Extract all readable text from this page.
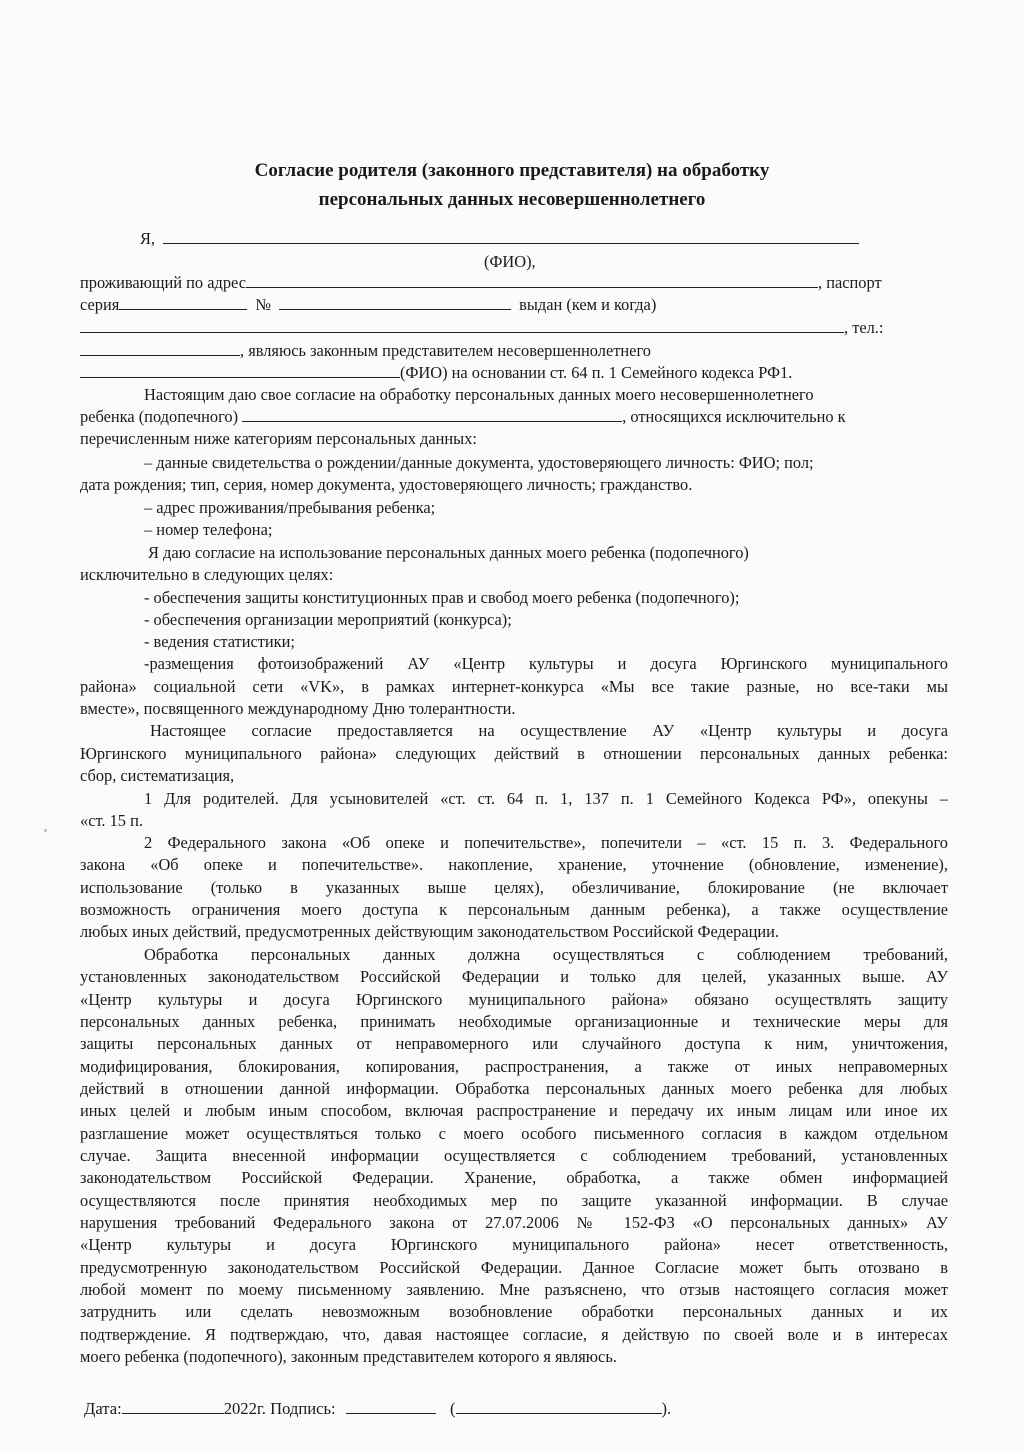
Согласие родителя (законного представителя) на обработку
персональных данных несовершеннолетнего
Я,
(ФИО),
проживающий по адрес	, паспорт
серия	№	выдан (кем и когда)
, тел.:
, являюсь законным представителем несовершеннолетнего
(ФИО) на основании ст. 64 п. 1 Семейного кодекса РФ1.
Настоящим даю свое согласие на обработку персональных данных моего несовершеннолетнего
ребенка (подопечного)	, относящихся исключительно к
перечисленным ниже категориям персональных данных:
– данные свидетельства о рождении/данные документа, удостоверяющего личность: ФИО; пол;
дата рождения; тип, серия, номер документа, удостоверяющего личность; гражданство.
– адрес проживания/пребывания ребенка;
– номер телефона;
Я даю согласие на использование персональных данных моего ребенка (подопечного)
исключительно в следующих целях:
- обеспечения защиты конституционных прав и свобод моего ребенка (подопечного);
- обеспечения организации мероприятий (конкурса);
- ведения статистики;
-размещения фотоизображений АУ «Центр культуры и досуга Юргинского муниципального
района» социальной сети «VK», в рамках интернет-конкурса «Мы все такие разные, но все-таки мы
вместе», посвященного международному Дню толерантности.
Настоящее согласие предоставляется на осуществление АУ «Центр культуры и досуга
Юргинского муниципального района» следующих действий в отношении персональных данных ребенка:
сбор, систематизация,
1 Для родителей. Для усыновителей «ст. ст. 64 п. 1, 137 п. 1 Семейного Кодекса РФ», опекуны –
«ст. 15 п.
2 Федерального закона «Об опеке и попечительстве», попечители – «ст. 15 п. 3. Федерального
закона «Об опеке и попечительстве». накопление, хранение, уточнение (обновление, изменение),
использование (только в указанных выше целях), обезличивание, блокирование (не включает
возможность ограничения моего доступа к персональным данным ребенка), а также осуществление
любых иных действий, предусмотренных действующим законодательством Российской Федерации.
Обработка персональных данных должна осуществляться с соблюдением требований,
установленных законодательством Российской Федерации и только для целей, указанных выше. АУ
«Центр культуры и досуга Юргинского муниципального района» обязано осуществлять защиту
персональных данных ребенка, принимать необходимые организационные и технические меры для
защиты персональных данных от неправомерного или случайного доступа к ним, уничтожения,
модифицирования, блокирования, копирования, распространения, а также от иных неправомерных
действий в отношении данной информации. Обработка персональных данных моего ребенка для любых
иных целей и любым иным способом, включая распространение и передачу их иным лицам или иное их
разглашение может осуществляться только с моего особого письменного согласия в каждом отдельном
случае. Защита внесенной информации осуществляется с соблюдением требований, установленных
законодательством Российской Федерации. Хранение, обработка, а также обмен информацией
осуществляются после принятия необходимых мер по защите указанной информации. В случае
нарушения требований Федерального закона от 27.07.2006 № 152-ФЗ «О персональных данных» АУ
«Центр культуры и досуга Юргинского муниципального района» несет ответственность,
предусмотренную законодательством Российской Федерации. Данное Согласие может быть отозвано в
любой момент по моему письменному заявлению. Мне разъяснено, что отзыв настоящего согласия может
затруднить или сделать невозможным возобновление обработки персональных данных и их
подтверждение. Я подтверждаю, что, давая настоящее согласие, я действую по своей воле и в интересах
моего ребенка (подопечного), законным представителем которого я являюсь.
Дата:	2022г. Подпись:	(	).
